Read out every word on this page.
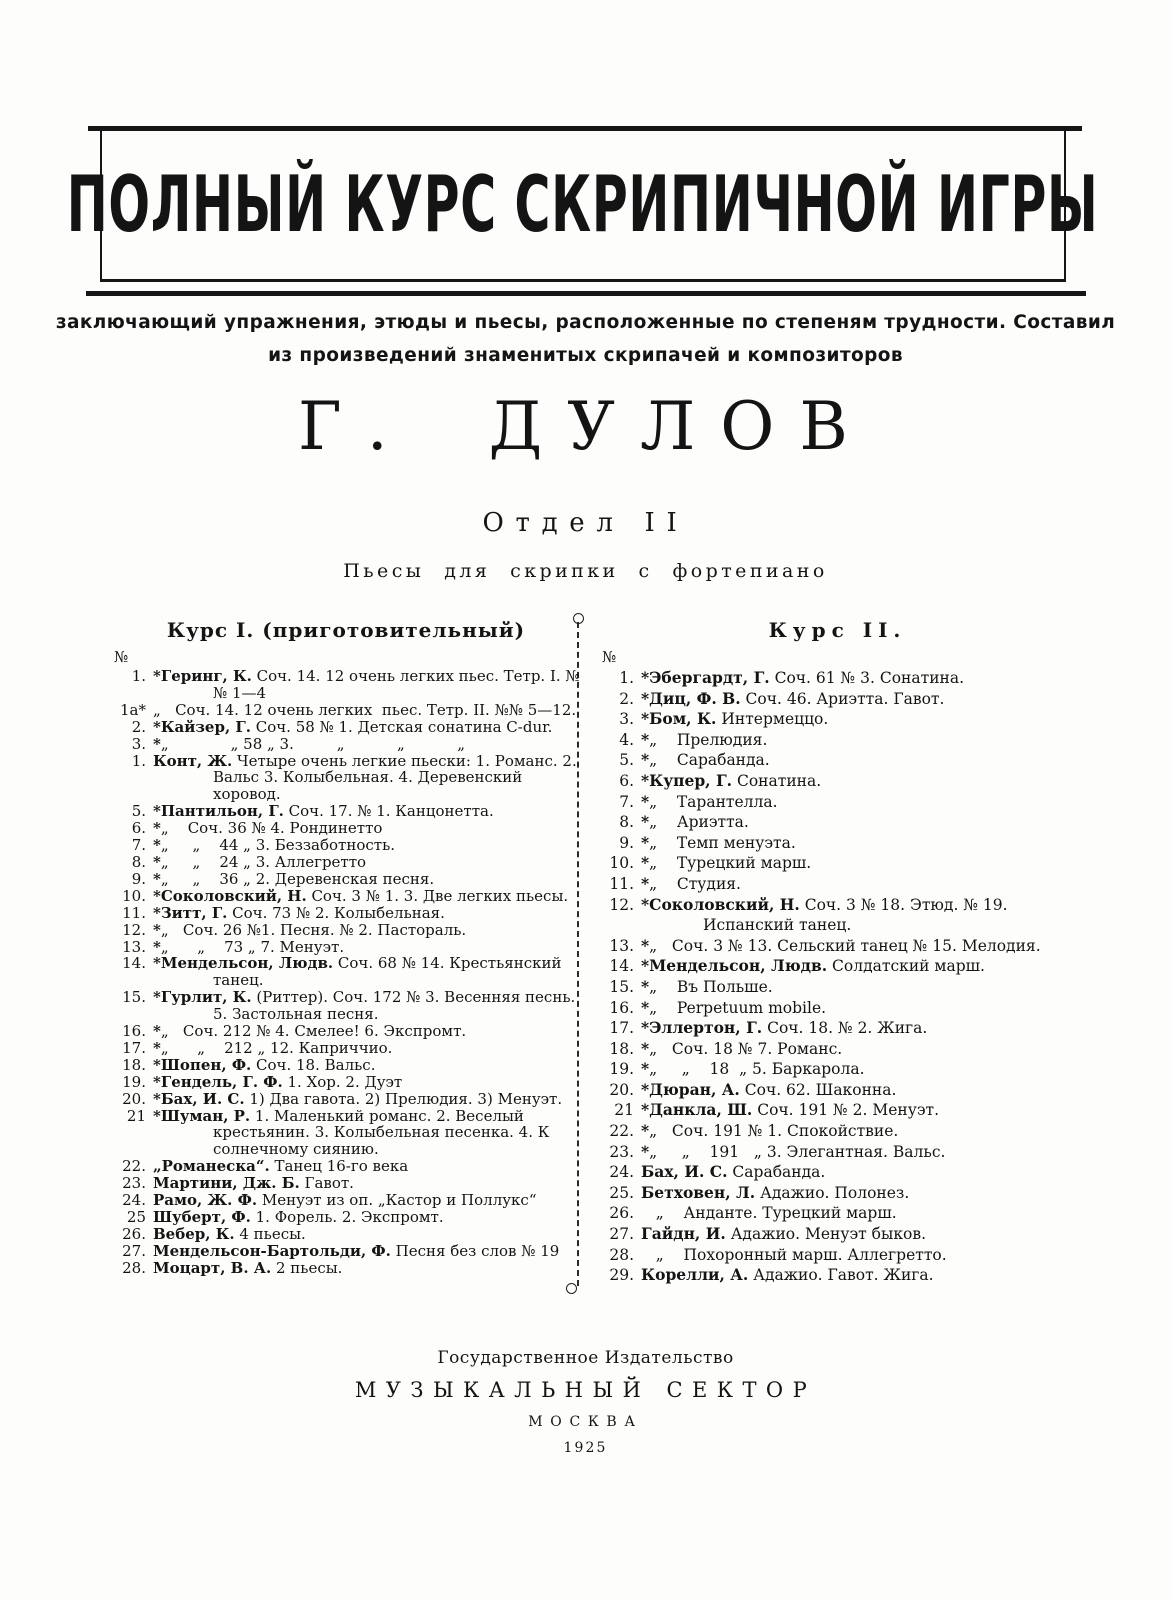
ПОЛНЫЙ КУРС СКРИПИЧНОЙ ИГРЫ
заключающий упражнения, этюды и пьесы, расположенные по степеням трудности. Составил
из произведений знаменитых скрипачей и композиторов
Г. ДУЛОВ
Отдел II
Пьесы для скрипки с фортепиано
Курс I. (приготовительный)
№
1. *Геринг, К. Соч. 14. 12 очень легких пьес. Тетр. I. №№ 1—4
1а* „   Соч. 14. 12 очень легких  пьес. Тетр. II. №№ 5—12.
2. *Кайзер, Г. Соч. 58 № 1. Детская сонатина C-dur.
3. *„             „ 58 „ 3.         „           „           „
1. Конт, Ж. Четыре очень легкие пьески: 1. Романс. 2. Вальс 3. Колыбельная. 4. Деревенский хоровод.
5. *Пантильон, Г. Соч. 17. № 1. Канцонетта.
6. *„    Соч. 36 № 4. Рондинетто
7. *„     „    44 „ 3. Беззаботность.
8. *„     „    24 „ 3. Аллегретто
9. *„     „    36 „ 2. Деревенская песня.
10. *Соколовский, Н. Соч. 3 № 1. 3. Две легких пьесы.
11. *Зитт, Г. Соч. 73 № 2. Колыбельная.
12. *„   Соч. 26 №1. Песня. № 2. Пастораль.
13. *„      „    73 „ 7. Менуэт.
14. *Мендельсон, Людв. Соч. 68 № 14. Крестьянский танец.
15. *Гурлит, К. (Риттер). Соч. 172 № 3. Весенняя песнь. 5. Застольная песня.
16. *„   Соч. 212 № 4. Смелее! 6. Экспромт.
17. *„      „    212 „ 12. Каприччио.
18. *Шопен, Ф. Соч. 18. Вальс.
19. *Гендель, Г. Ф. 1. Хор. 2. Дуэт
20. *Бах, И. С. 1) Два гавота. 2) Прелюдия. 3) Менуэт.
21 *Шуман, Р. 1. Маленький романс. 2. Веселый крестьянин. 3. Колыбельная песенка. 4. К солнечному сиянию.
22. „Романеска“. Танец 16-го века
23. Мартини, Дж. Б. Гавот.
24. Рамо, Ж. Ф. Менуэт из оп. „Кастор и Поллукс“
25 Шуберт, Ф. 1. Форель. 2. Экспромт.
26. Вебер, К. 4 пьесы.
27. Мендельсон-Бартольди, Ф. Песня без слов № 19
28. Моцарт, В. А. 2 пьесы.
Курс II.
№
1. *Эбергардт, Г. Соч. 61 № 3. Сонатина.
2. *Диц, Ф. В. Соч. 46. Ариэтта. Гавот.
3. *Бом, К. Интермеццо.
4. *„    Прелюдия.
5. *„    Сарабанда.
6. *Купер, Г. Сонатина.
7. *„    Тарантелла.
8. *„    Ариэтта.
9. *„    Темп менуэта.
10. *„    Турецкий марш.
11. *„    Студия.
12. *Соколовский, Н. Соч. 3 № 18. Этюд. № 19. Испанский танец.
13. *„   Соч. 3 № 13. Сельский танец № 15. Мелодия.
14. *Мендельсон, Людв. Солдатский марш.
15. *„    Въ Польше.
16. *„    Perpetuum mobile.
17. *Эллертон, Г. Соч. 18. № 2. Жига.
18. *„   Соч. 18 № 7. Романс.
19. *„     „    18  „ 5. Баркарола.
20. *Дюран, А. Соч. 62. Шаконна.
21 *Данкла, Ш. Соч. 191 № 2. Менуэт.
22. *„   Соч. 191 № 1. Спокойствие.
23. *„     „    191   „ 3. Элегантная. Вальс.
24. Бах, И. С. Сарабанда.
25. Бетховен, Л. Адажио. Полонез.
26. „    Анданте. Турецкий марш.
27. Гайдн, И. Адажио. Менуэт быков.
28. „    Похоронный марш. Аллегретто.
29. Корелли, А. Адажио. Гавот. Жига.
Государственное Издательство
МУЗЫКАЛЬНЫЙ СЕКТОР
МОСКВА
1925
